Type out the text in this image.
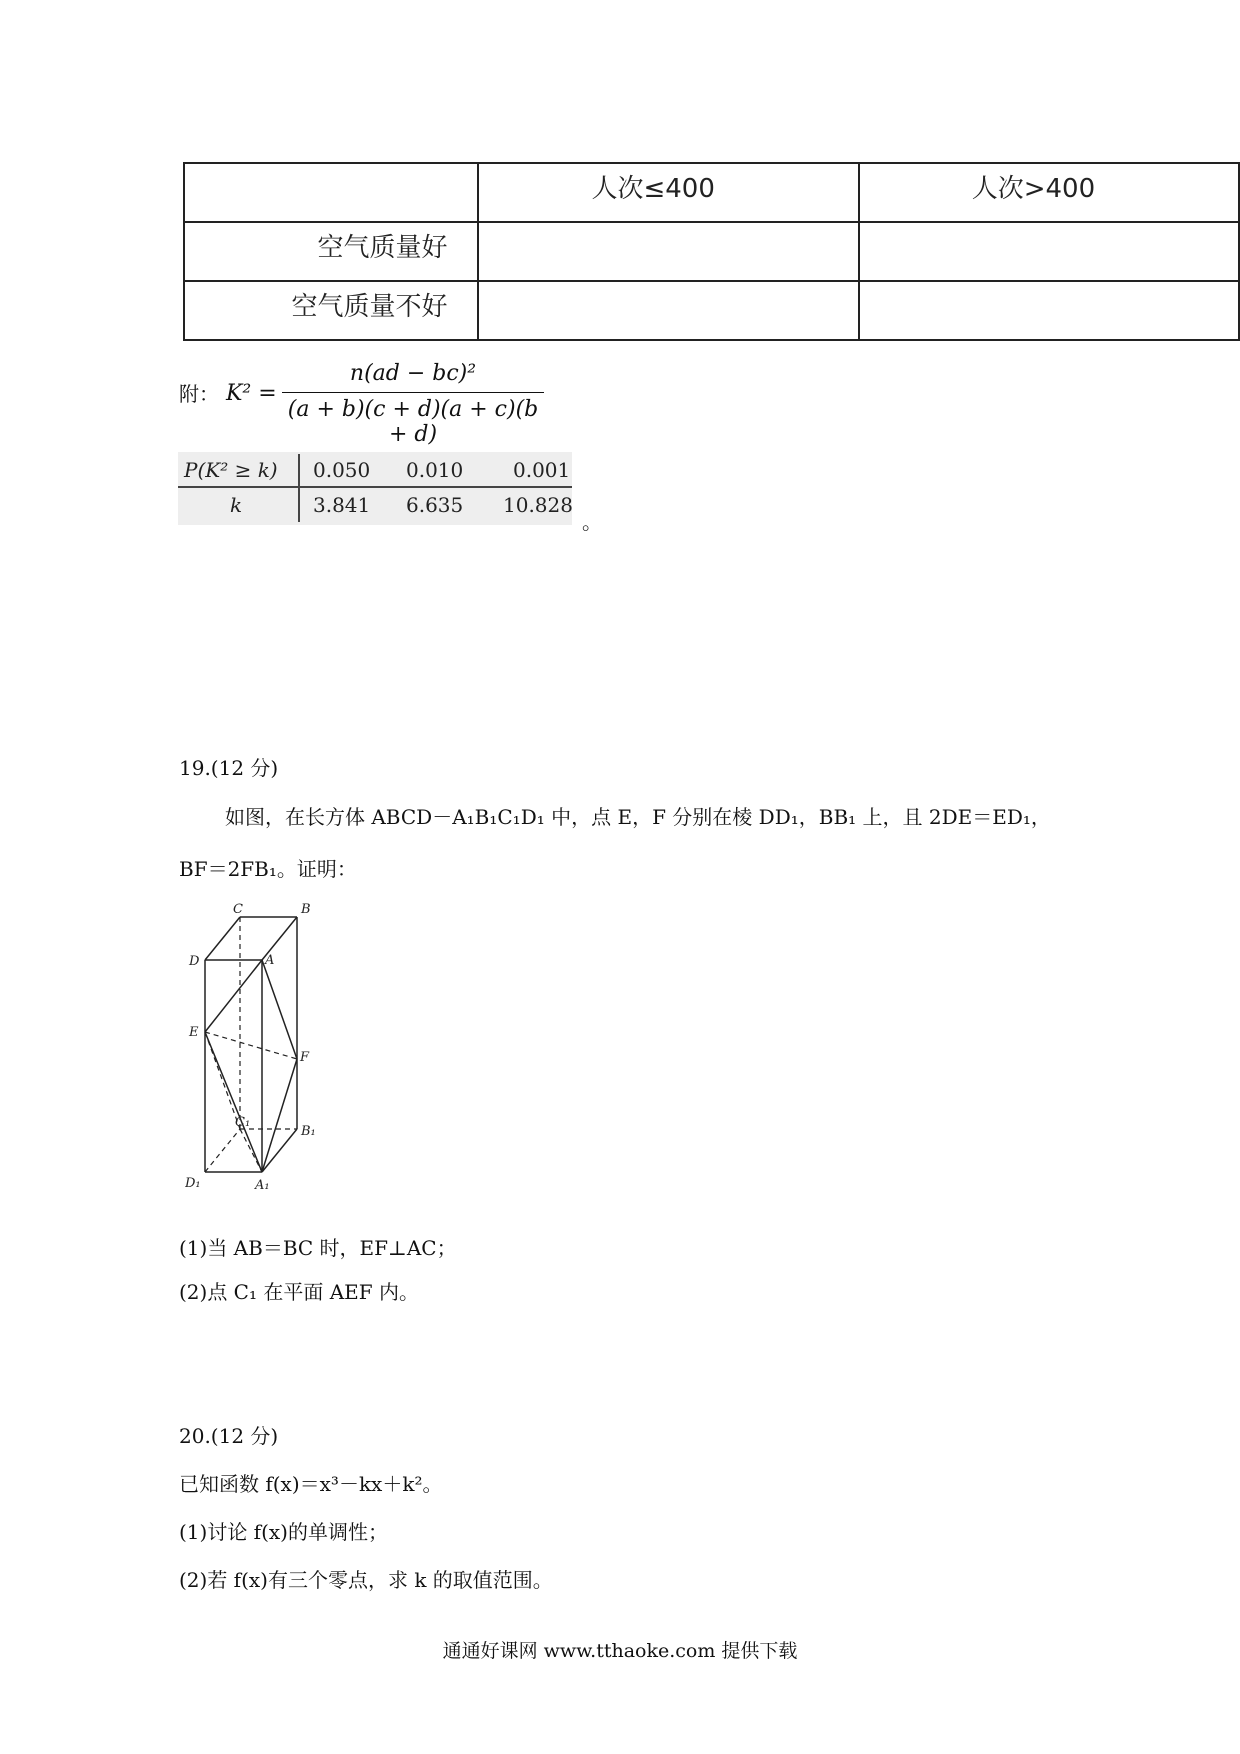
	人次≤400	人次>400
空气质量好		
空气质量不好		
附： K² =
n(ad − bc)²
(a + b)(c + d)(a + c)(b + d)
P(K² ≥ k) 0.050 0.010 0.001
k	3.841 6.635 10.828
。
19.(12 分)
如图，在长方体 ABCD－A₁B₁C₁D₁ 中，点 E，F 分别在棱 DD₁，BB₁ 上，且 2DE＝ED₁，
BF＝2FB₁。证明：
C	B
D	A
E
F
C₁
B₁
D₁	A₁
(1)当 AB＝BC 时，EF⊥AC；
(2)点 C₁ 在平面 AEF 内。
20.(12 分)
已知函数 f(x)＝x³－kx＋k²。
(1)讨论 f(x)的单调性；
(2)若 f(x)有三个零点，求 k 的取值范围。
通通好课网 www.tthaoke.com 提供下载
